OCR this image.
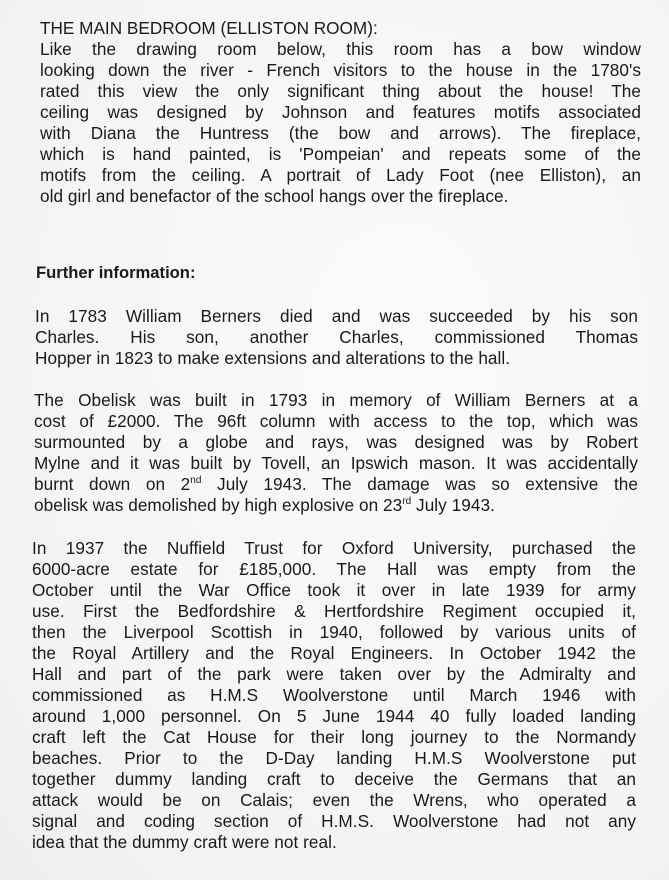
THE MAIN BEDROOM (ELLISTON ROOM):
Like the drawing room below, this room has a bow window
looking down the river - French visitors to the house in the 1780's
rated this view the only significant thing about the house! The
ceiling was designed by Johnson and features motifs associated
with Diana the Huntress (the bow and arrows). The fireplace,
which is hand painted, is 'Pompeian' and repeats some of the
motifs from the ceiling. A portrait of Lady Foot (nee Elliston), an
old girl and benefactor of the school hangs over the fireplace.
Further information:
In 1783 William Berners died and was succeeded by his son
Charles. His son, another Charles, commissioned Thomas
Hopper in 1823 to make extensions and alterations to the hall.
The Obelisk was built in 1793 in memory of William Berners at a
cost of £2000. The 96ft column with access to the top, which was
surmounted by a globe and rays, was designed was by Robert
Mylne and it was built by Tovell, an Ipswich mason. It was accidentally
burnt down on 2nd July 1943. The damage was so extensive the
obelisk was demolished by high explosive on 23rd July 1943.
In 1937 the Nuffield Trust for Oxford University, purchased the
6000-acre estate for £185,000. The Hall was empty from the
October until the War Office took it over in late 1939 for army
use. First the Bedfordshire & Hertfordshire Regiment occupied it,
then the Liverpool Scottish in 1940, followed by various units of
the Royal Artillery and the Royal Engineers. In October 1942 the
Hall and part of the park were taken over by the Admiralty and
commissioned as H.M.S Woolverstone until March 1946 with
around 1,000 personnel. On 5 June 1944 40 fully loaded landing
craft left the Cat House for their long journey to the Normandy
beaches. Prior to the D-Day landing H.M.S Woolverstone put
together dummy landing craft to deceive the Germans that an
attack would be on Calais; even the Wrens, who operated a
signal and coding section of H.M.S. Woolverstone had not any
idea that the dummy craft were not real.
